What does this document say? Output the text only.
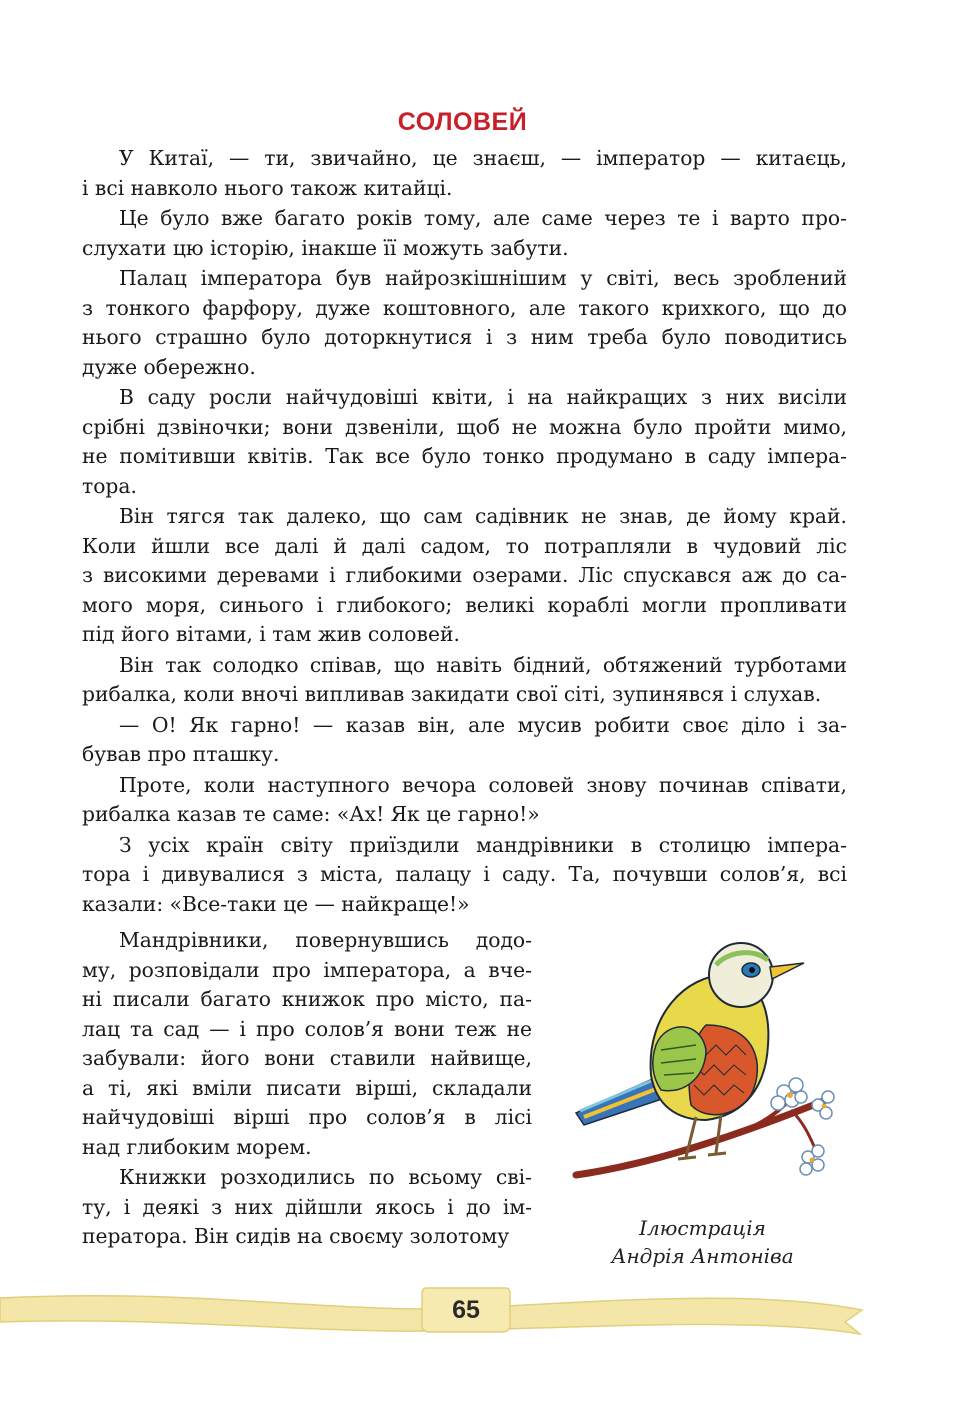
СОЛОВЕЙ
У Китаї, — ти, звичайно, це знаєш, — імператор — китаєць,
і всі навколо нього також китайці.
Це було вже багато років тому, але саме через те і варто про-
слухати цю історію, інакше її можуть забути.
Палац імператора був найрозкішнішим у світі, весь зроблений
з тонкого фарфору, дуже коштовного, але такого крихкого, що до
нього страшно було доторкнутися і з ним треба було поводитись
дуже обережно.
В саду росли найчудовіші квіти, і на найкращих з них висіли
срібні дзвіночки; вони дзвеніли, щоб не можна було пройти мимо,
не помітивши квітів. Так все було тонко продумано в саду імпера-
тора.
Він тягся так далеко, що сам садівник не знав, де йому край.
Коли йшли все далі й далі садом, то потрапляли в чудовий ліс
з високими деревами і глибокими озерами. Ліс спускався аж до са-
мого моря, синього і глибокого; великі кораблі могли пропливати
під його вітами, і там жив соловей.
Він так солодко співав, що навіть бідний, обтяжений турботами
рибалка, коли вночі випливав закидати свої сіті, зупинявся і слухав.
— О! Як гарно! — казав він, але мусив робити своє діло і за-
бував про пташку.
Проте, коли наступного вечора соловей знову починав співати,
рибалка казав те саме: «Ах! Як це гарно!»
З усіх країн світу приїздили мандрівники в столицю імпера-
тора і дивувалися з міста, палацу і саду. Та, почувши солов’я, всі
казали: «Все-таки це — найкраще!»
Мандрівники, повернувшись додо-
му, розповідали про імператора, а вче-
ні писали багато книжок про місто, па-
лац та сад — і про солов’я вони теж не
забували: його вони ставили найвище,
а ті, які вміли писати вірші, складали
найчудовіші вірші про солов’я в лісі
над глибоким морем.
Книжки розходились по всьому сві-
ту, і деякі з них дійшли якось і до ім-
ператора. Він сидів на своєму золотому	Ілюстрація
Андрія Антоніва
65
